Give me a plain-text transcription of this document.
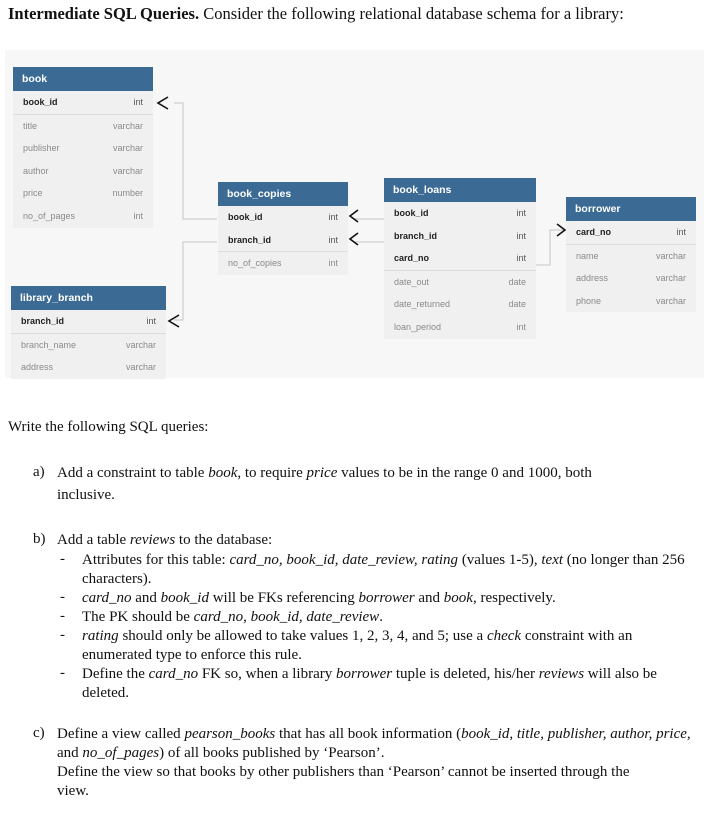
Intermediate SQL Queries. Consider the following relational database schema for a library:
book
book_id	int
title	varchar
publisher	varchar
author	varchar
price	number
no_of_pages	int
library_branch
branch_id	int
branch_name	varchar
address	varchar
book_copies
book_id	int
branch_id	int
no_of_copies	int
book_loans
book_id	int
branch_id	int
card_no	int
date_out	date
date_returned	date
loan_period	int
borrower
card_no	int
name	varchar
address	varchar
phone	varchar
Write the following SQL queries:
a) Add a constraint to table book, to require price values to be in the range 0 and 1000, both
inclusive.
b) Add a table reviews to the database:
- Attributes for this table: card_no, book_id, date_review, rating (values 1-5), text (no longer than 256
characters).
- card_no and book_id will be FKs referencing borrower and book, respectively.
- The PK should be card_no, book_id, date_review.
- rating should only be allowed to take values 1, 2, 3, 4, and 5; use a check constraint with an
enumerated type to enforce this rule.
- Define the card_no FK so, when a library borrower tuple is deleted, his/her reviews will also be
deleted.
c) Define a view called pearson_books that has all book information (book_id, title, publisher, author, price,
and no_of_pages) of all books published by ‘Pearson’.
Define the view so that books by other publishers than ‘Pearson’ cannot be inserted through the
view.
